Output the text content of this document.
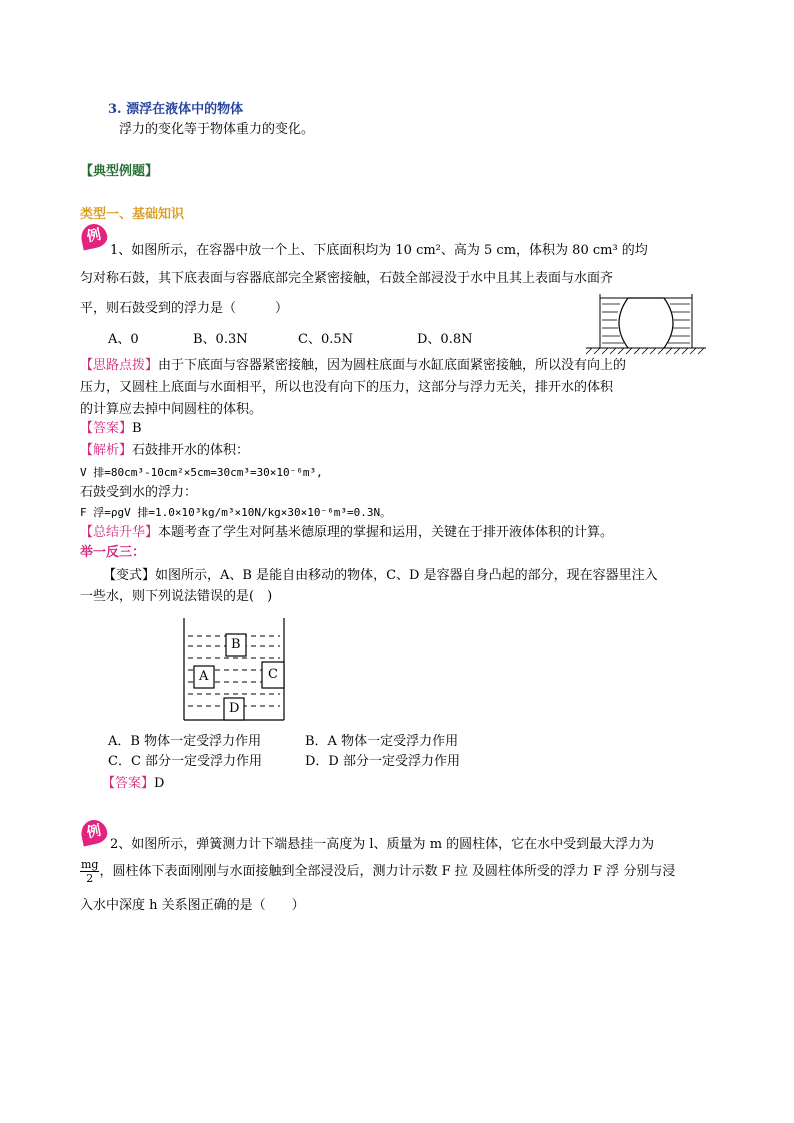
3. 漂浮在液体中的物体
浮力的变化等于物体重力的变化。
【典型例题】
类型一、基础知识
例
1、如图所示，在容器中放一个上、下底面积均为 10 cm²、高为 5 cm，体积为 80 cm³ 的均
匀对称石鼓，其下底表面与容器底部完全紧密接触，石鼓全部浸没于水中且其上表面与水面齐
平，则石鼓受到的浮力是（　　　）
A、0	B、0.3N	C、0.5N	D、0.8N
【思路点拨】由于下底面与容器紧密接触，因为圆柱底面与水缸底面紧密接触，所以没有向上的
压力，又圆柱上底面与水面相平，所以也没有向下的压力，这部分与浮力无关，排开水的体积
的计算应去掉中间圆柱的体积。
【答案】B
【解析】石鼓排开水的体积：
V 排=80cm³-10cm²×5cm=30cm³=30×10⁻⁶m³,
石鼓受到水的浮力：
F 浮=ρgV 排=1.0×10³kg/m³×10N/kg×30×10⁻⁶m³=0.3N。
【总结升华】本题考查了学生对阿基米德原理的掌握和运用，关键在于排开液体体积的计算。
举一反三：
【变式】如图所示，A、B 是能自由移动的物体，C、D 是容器自身凸起的部分，现在容器里注入
一些水，则下列说法错误的是(　)
B
A	C
D
A．B 物体一定受浮力作用	B．A 物体一定受浮力作用
C．C 部分一定受浮力作用	D．D 部分一定受浮力作用
【答案】D
例
2、如图所示，弹簧测力计下端悬挂一高度为 l、质量为 m 的圆柱体，它在水中受到最大浮力为
$\frac{mg}{2}$ ，圆柱体下表面刚刚与水面接触到全部浸没后，测力计示数 F 拉 及圆柱体所受的浮力 F 浮 分别与浸
入水中深度 h 关系图正确的是（　　）
